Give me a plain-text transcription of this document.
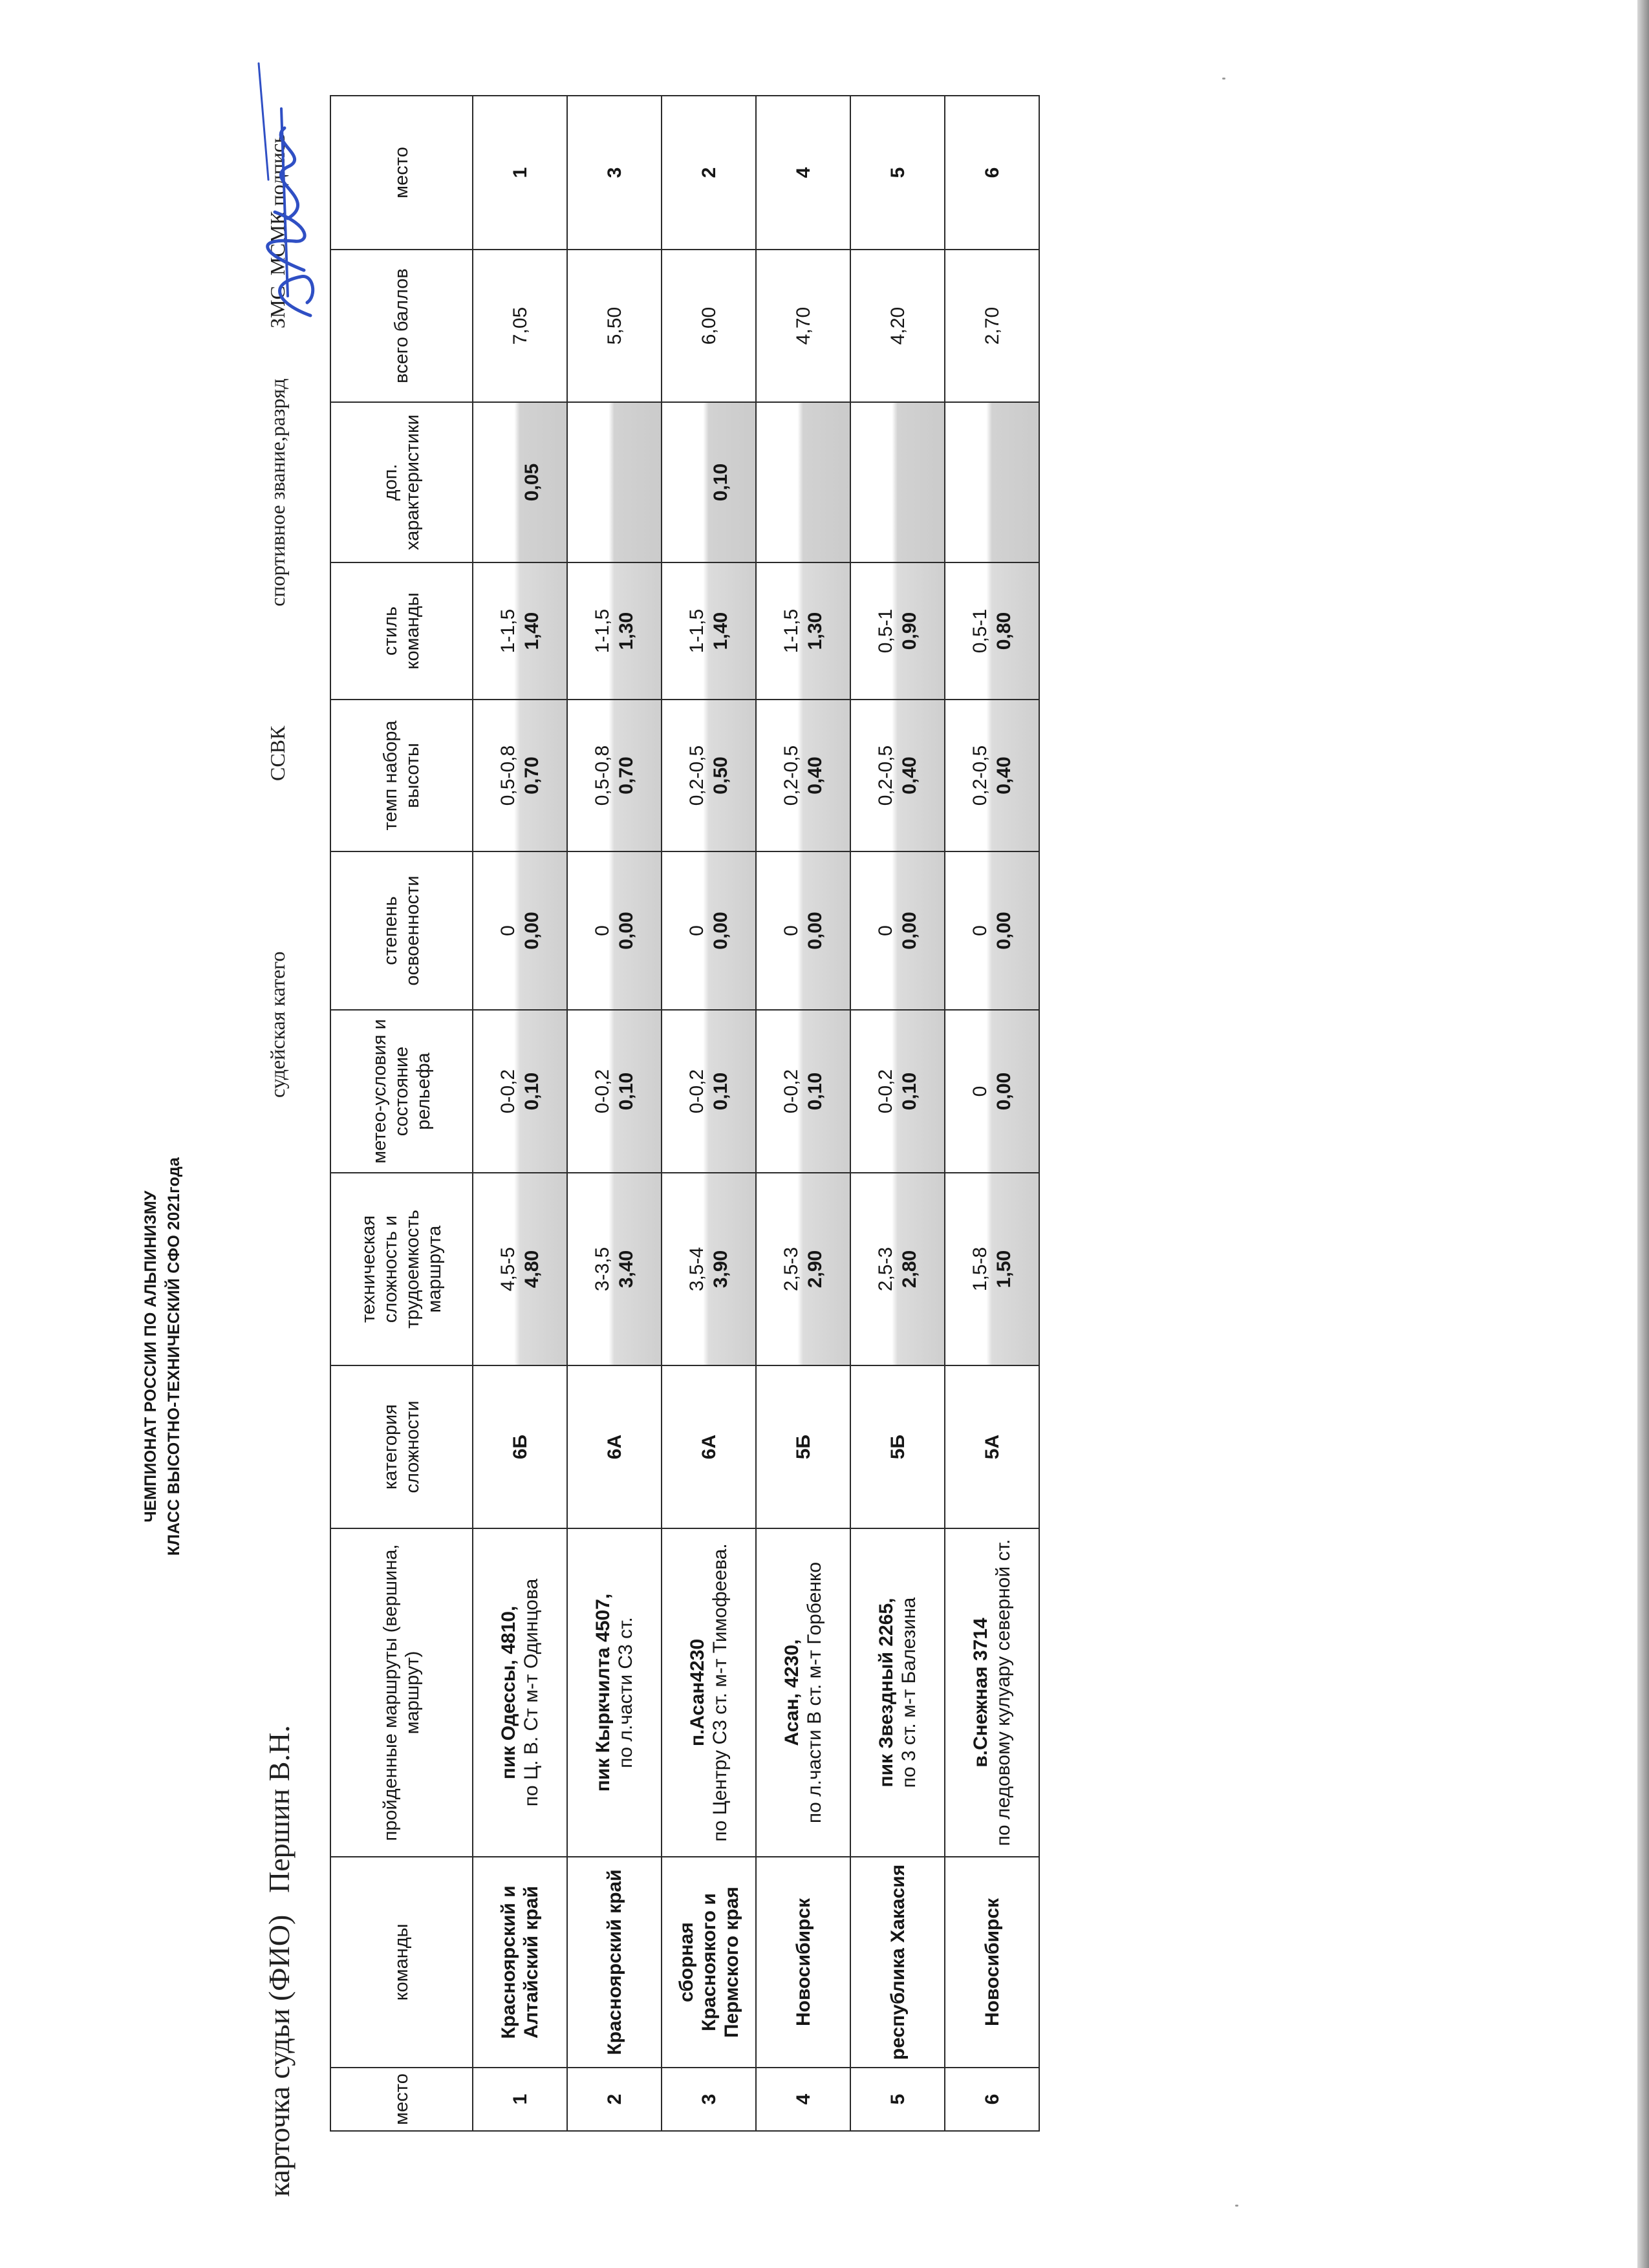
ЧЕМПИОНАТ РОССИИ ПО АЛЬПИНИЗМУ КЛАСС ВЫСОТНО-ТЕХНИЧЕСКИЙ СФО 2021года
карточка судьи (ФИО)
Першин В.Н.
судейская катего
ССВК
спортивное звание,разряд
ЗМС, МСМК подпись
место	команды	пройденные маршруты (вершина, маршрут)	категория сложности	техническая сложность и трудоемкость маршрута	метео-условия и состояние рельефа	степень освоенности	темп набора высоты	стиль команды	доп. характеристики	всего баллов	место
1	Красноярский и Алтайский край	пик Одессы, 4810, по Ц. В. Ст м-т Одинцова	6Б	4,5-5 4,80	0-0,2 0,10	0 0,00	0,5-0,8 0,70	1-1,5 1,40	0,05	7,05	1
2	Красноярский край	пик Кыркчилта 4507, по л.части С3 ст.	6А	3-3,5 3,40	0-0,2 0,10	0 0,00	0,5-0,8 0,70	1-1,5 1,30		5,50	3
3	сборная Красноякого и Пермского края	п.Асан4230 по Центру С3 ст. м-т Тимофеева.	6А	3,5-4 3,90	0-0,2 0,10	0 0,00	0,2-0,5 0,50	1-1,5 1,40	0,10	6,00	2
4	Новосибирск	Асан, 4230, по л.части В ст. м-т Горбенко	5Б	2,5-3 2,90	0-0,2 0,10	0 0,00	0,2-0,5 0,40	1-1,5 1,30		4,70	4
5	республика Хакасия	пик Звездный 2265, по 3 ст. м-т Балезина	5Б	2,5-3 2,80	0-0,2 0,10	0 0,00	0,2-0,5 0,40	0,5-1 0,90		4,20	5
6	Новосибирск	в.Снежная 3714 по ледовому кулуару северной ст.	5А	1,5-8 1,50	0 0,00	0 0,00	0,2-0,5 0,40	0,5-1 0,80		2,70	6
